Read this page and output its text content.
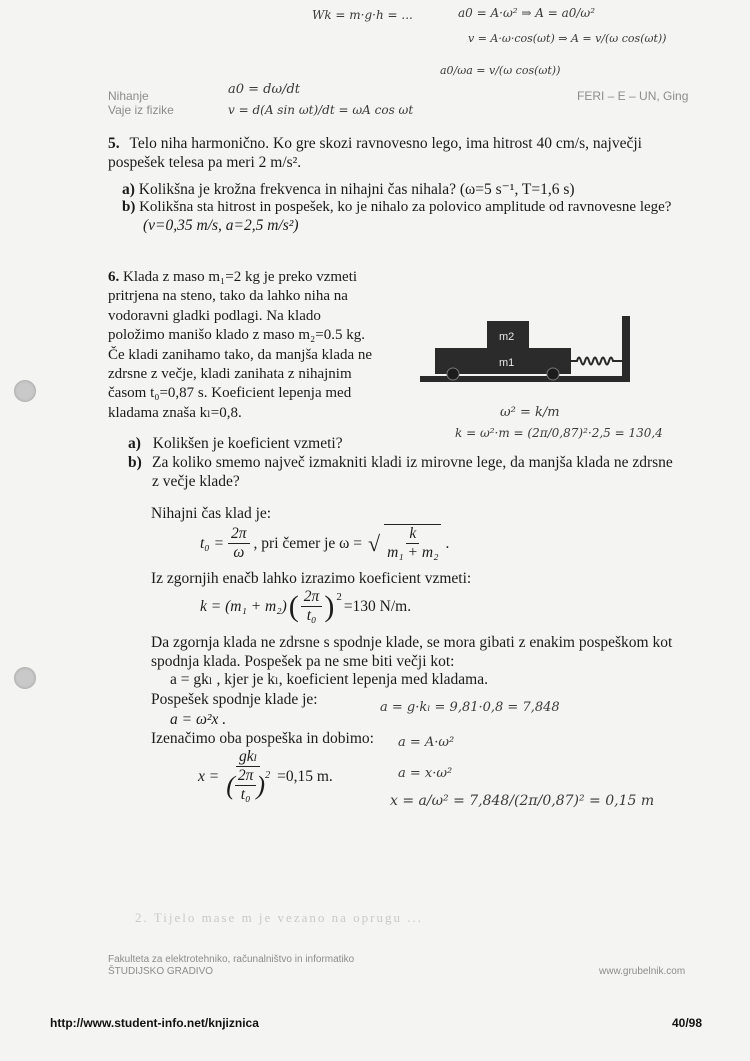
Nihanje
Vaje iz fizike
FERI – E – UN, Ging
Wk = m·g·h = ...	a0 = A·ω² ⇒ A = a0/ω²
v = A·ω·cos(ωt) ⇒ A = v/(ω cos(ωt))
a0/ωa = v/(ω cos(ωt))
a0 = dω/dt
v = d(A sin ωt)/dt = ωA cos ωt
5. Telo niha harmonično. Ko gre skozi ravnovesno lego, ima hitrost 40 cm/s, največji pospešek telesa pa meri 2 m/s².
a) Kolikšna je krožna frekvenca in nihajni čas nihala? (ω=5 s⁻¹, T=1,6 s)
b) Kolikšna sta hitrost in pospešek, ko je nihalo za polovico amplitude od ravnovesne lege?
(v=0,35 m/s, a=2,5 m/s²)
6. Klada z maso m₁=2 kg je preko vzmeti
pritrjena na steno, tako da lahko niha na
vodoravni gladki podlagi. Na klado
položimo manišo klado z maso m₂=0.5 kg.
Če kladi zanihamo tako, da manjša klada ne
zdrsne z večje, kladi zanihata z nihajnim
časom t₀=0,87 s. Koeficient lepenja med
kladama znaša kₗ=0,8.
m2
m1
ω² = k/m
k = ω²·m = (2π/0,87)²·2,5 = 130,4
a) Kolikšen je koeficient vzmeti?
b) Za koliko smemo največ izmakniti kladi iz mirovne lege, da manjša klada ne zdrsne z večje klade?
Nihajni čas klad je:
$t_0 = \frac{2\pi}{\omega}$ , pri čemer je ω = √ $\frac{k}{\text{m₁ + m₂}}$ .
Iz zgornjih enačb lahko izrazimo koeficient vzmeti:
k = (m₁ + m₂) ( $\frac{2\pi}{\text{t₀}} )^2$
=130 N/m.
Da zgornja klada ne zdrsne s spodnje klade, se mora gibati z enakim pospeškom kot spodnja klada. Pospešek pa ne sme biti večji kot:
a = gkₗ , kjer je kₗ, koeficient lepenja med kladama.
Pospešek spodnje klade je:
a = ω²x .
Izenačimo oba pospeška in dobimo:
$x = \frac{\text{gkₗ}}{( \frac{2\pi}{\text{t₀}} )^2} =0,15$ m.
a = g·kₗ = 9,81·0,8 = 7,848
a = A·ω²
a = x·ω²
x = a/ω² = 7,848/(2π/0,87)² = 0,15 m
2. Tijelo mase m je vezano na oprugu ...
Fakulteta za elektrotehniko, računalništvo in informatiko
ŠTUDIJSKO GRADIVO	www.grubelnik.com
http://www.student-info.net/knjiznica	40/98
